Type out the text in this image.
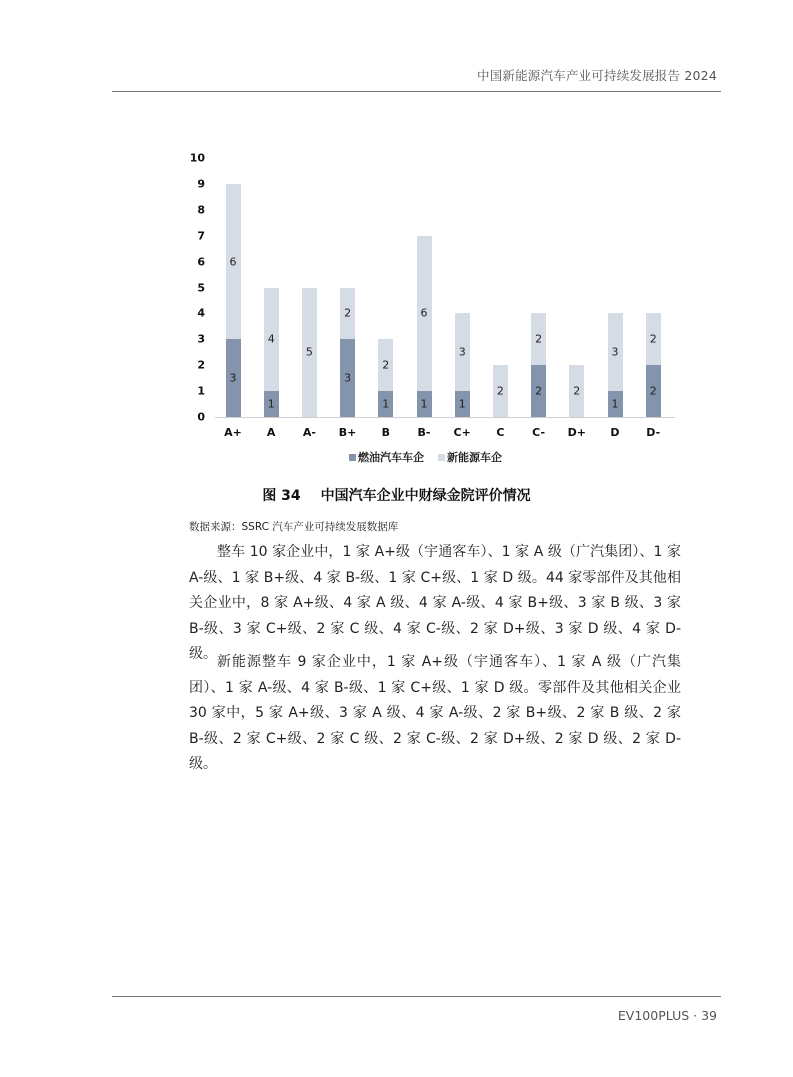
中国新能源汽车产业可持续发展报告 2024
0
1
2
3
4
5
6
7
8
9
10
3
6
A+
1
4
A
5
A-
3
2
B+
1
2
B
1
6
B-
1
3
C+
2
C
2
2
C-
2
D+
1
3
D
2
2
D-
燃油汽车车企 新能源车企
图 34 中国汽车企业中财绿金院评价情况
数据来源：SSRC 汽车产业可持续发展数据库

整车 10 家企业中，1 家 A+级（宇通客车）、1 家 A 级（广汽集团）、1 家 A-级、1 家 B+级、4 家 B-级、1 家 C+级、1 家 D 级。44 家零部件及其他相关企业中，8 家 A+级、4 家 A 级、4 家 A-级、4 家 B+级、3 家 B 级、3 家 B-级、3 家 C+级、2 家 C 级、4 家 C-级、2 家 D+级、3 家 D 级、4 家 D-级。 新能源整车 9 家企业中，1 家 A+级（宇通客车）、1 家 A 级（广汽集团）、1 家 A-级、4 家 B-级、1 家 C+级、1 家 D 级。零部件及其他相关企业 30 家中，5 家 A+级、3 家 A 级、4 家 A-级、2 家 B+级、2 家 B 级、2 家 B-级、2 家 C+级、2 家 C 级、2 家 C-级、2 家 D+级、2 家 D 级、2 家 D-级。

EV100PLUS · 39
